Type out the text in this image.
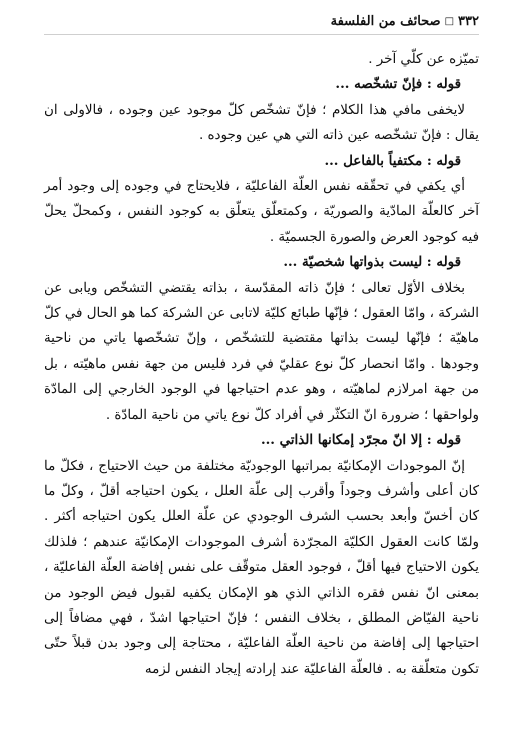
٣٣٢
□
صحائف من الفلسفة

تميّزه عن كلّي آخر .

قوله : فإنّ تشخّصه ...

لايخفى مافي هذا الكلام ؛ فإنّ تشخّص كلّ موجود عين وجوده ، فالاولى ان يقال : فإنّ تشخّصه عين ذاته التي هي عين وجوده .

قوله : مكتفياً بالفاعل ...

أي يكفي في تحقّقه نفس العلّة الفاعليّة ، فلايحتاج في وجوده إلى وجود أمر آخر كالعلّة المادّية والصوريّة ، وكمتعلّق يتعلّق به كوجود النفس ، وكمحلّ يحلّ فيه كوجود العرض والصورة الجسميّة .

قوله : ليست بذواتها شخصيّة ...

بخلاف الأوّل تعالى ؛ فإنّ ذاته المقدّسة ، بذاته يقتضي التشخّص ويابى عن الشركة ، وامّا العقول ؛ فإنّها طبائع كليّة لاتابى عن الشركة كما هو الحال في كلّ ماهيّة ؛ فإنّها ليست بذاتها مقتضية للتشخّص ، وإنّ تشخّصها ياتي من ناحية وجودها . وامّا انحصار كلّ نوع عقليّ في فرد فليس من جهة نفس ماهيّته ، بل من جهة امرلازم لماهيّته ، وهو عدم احتياجها في الوجود الخارجي إلى المادّة ولواحقها ؛ ضرورة انّ التكثّر في أفراد كلّ نوع ياتي من ناحية المادّة .

قوله : إلا انّ مجرّد إمكانها الذاتي ...

إنّ الموجودات الإمكانيّة بمراتبها الوجوديّة مختلفة من حيث الاحتياج ، فكلّ ما كان أعلى وأشرف وجوداً وأقرب إلى علّة العلل ، يكون احتياجه أقلّ ، وكلّ ما كان أخسّ وأبعد بحسب الشرف الوجودي عن علّة العلل يكون احتياجه أكثر . ولمّا كانت العقول الكليّة المجرّدة أشرف الموجودات الإمكانيّة عندهم ؛ فلذلك يكون الاحتياج فيها أقلّ ، فوجود العقل متوقّف على نفس إفاضة العلّة الفاعليّة ، بمعنى انّ نفس فقره الذاتي الذي هو الإمكان يكفيه لقبول فيض الوجود من ناحية الفيّاض المطلق ، بخلاف النفس ؛ فإنّ احتياجها اشدّ ، فهي مضافاً إلى احتياجها إلى إفاضة من ناحية العلّة الفاعليّة ، محتاجة إلى وجود بدن قبلاً حتّى تكون متعلّقة به . فالعلّة الفاعليّة عند إرادته إيجاد النفس لزمه
